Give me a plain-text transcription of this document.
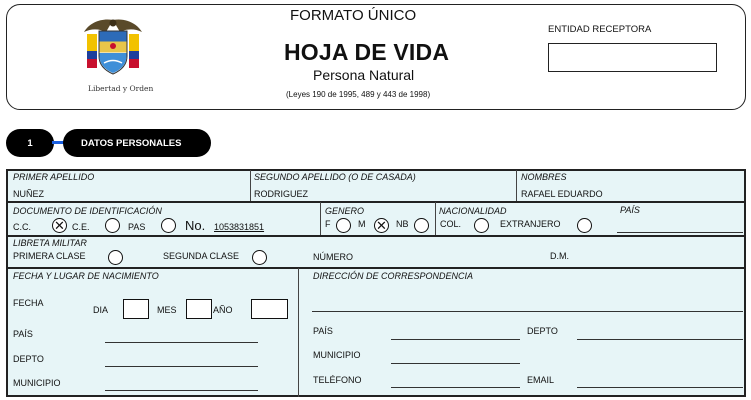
Libertad y Orden
FORMATO ÚNICO
HOJA DE VIDA
Persona Natural
(Leyes 190 de 1995, 489 y 443 de 1998)
ENTIDAD RECEPTORA
1	DATOS PERSONALES
PRIMER APELLIDO
NUÑEZ
SEGUNDO APELLIDO (O DE CASADA)
RODRIGUEZ
NOMBRES
RAFAEL EDUARDO
DOCUMENTO DE IDENTIFICACIÓN
C.C. ✕ C.E.	PAS	No. 1053831851
GENERO
F	M ✕ NB
NACIONALIDAD
COL.	EXTRANJERO
PAÍS
LIBRETA MILITAR
PRIMERA CLASE	SEGUNDA CLASE	NÚMERO	D.M.
FECHA Y LUGAR DE NACIMIENTO
FECHA
DIA	MES	AÑO
PAÍS
DEPTO
MUNICIPIO
DIRECCIÓN DE CORRESPONDENCIA
PAÍS	DEPTO
MUNICIPIO
TELÉFONO	EMAIL
